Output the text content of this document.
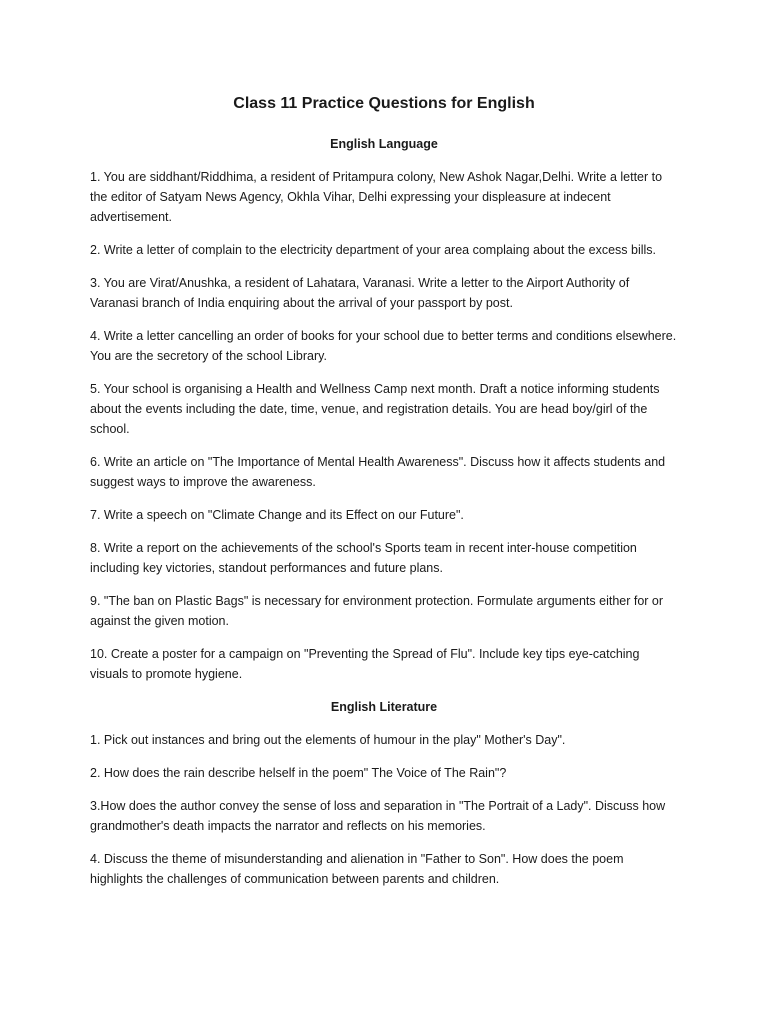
Class 11 Practice Questions for English
English Language

1. You are siddhant/Riddhima, a resident of Pritampura colony, New Ashok Nagar,Delhi. Write a letter to the editor of Satyam News Agency, Okhla Vihar, Delhi expressing your displeasure at indecent advertisement.

2. Write a letter of complain to the electricity department of your area complaing about the excess bills.

3. You are Virat/Anushka, a resident of Lahatara, Varanasi. Write a letter to the Airport Authority of Varanasi branch of India enquiring about the arrival of your passport by post.

4. Write a letter cancelling an order of books for your school due to better terms and conditions elsewhere. You are the secretory of the school Library.

5. Your school is organising a Health and Wellness Camp next month. Draft a notice informing students about the events including the date, time, venue, and registration details. You are head boy/girl of the school.

6. Write an article on "The Importance of Mental Health Awareness". Discuss how it affects students and suggest ways to improve the awareness.

7. Write a speech on "Climate Change and its Effect on our Future".

8. Write a report on the achievements of the school's Sports team in recent inter-house competition including key victories, standout performances and future plans.

9. "The ban on Plastic Bags" is necessary for environment protection. Formulate arguments either for or against the given motion.

10. Create a poster for a campaign on "Preventing the Spread of Flu". Include key tips eye-catching visuals to promote hygiene.

English Literature

1. Pick out instances and bring out the elements of humour in the play" Mother's Day".

2. How does the rain describe helself in the poem" The Voice of The Rain"?

3.How does the author convey the sense of loss and separation in "The Portrait of a Lady". Discuss how grandmother's death impacts the narrator and reflects on his memories.

4. Discuss the theme of misunderstanding and alienation in "Father to Son". How does the poem highlights the challenges of communication between parents and children.
